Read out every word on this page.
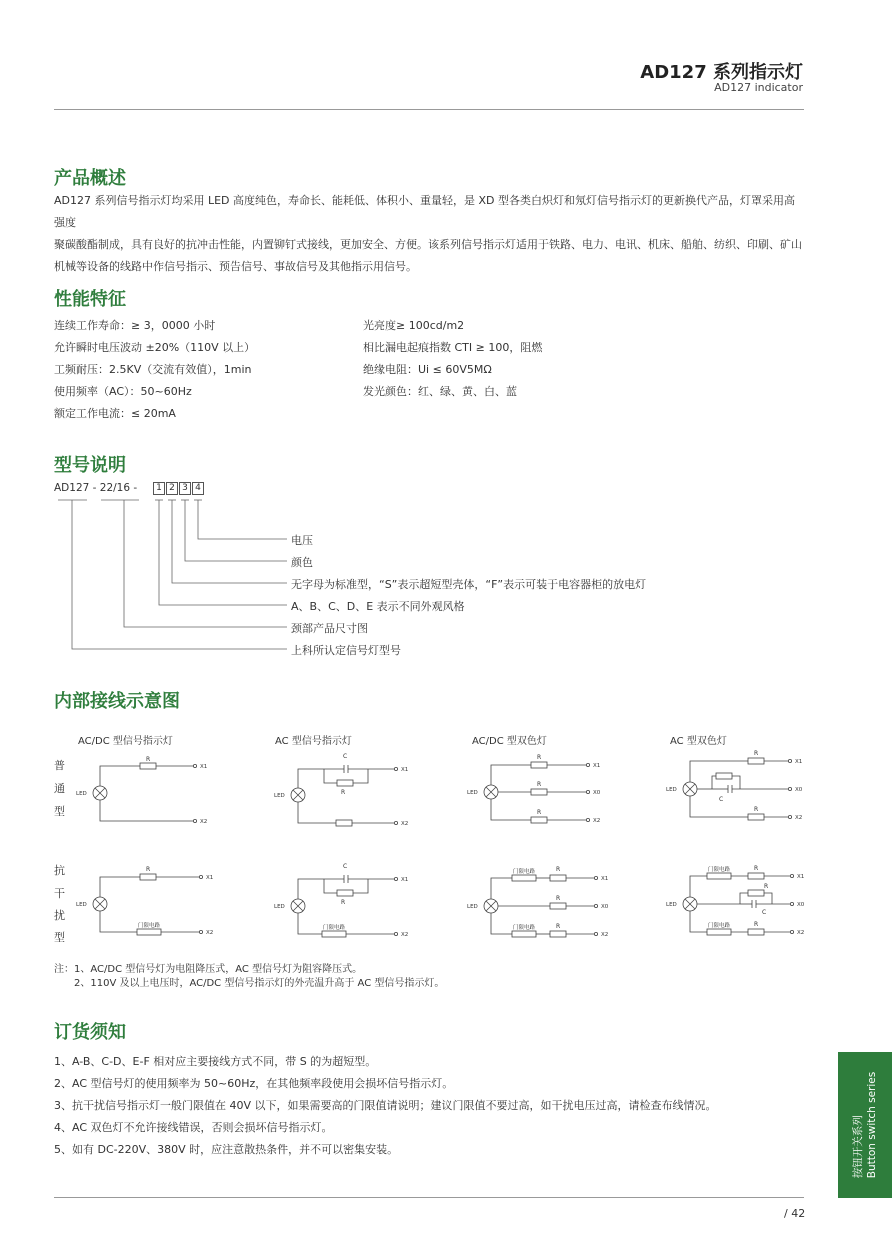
AD127 系列指示灯
AD127 indicator
产品概述
AD127 系列信号指示灯均采用 LED 高度纯色，寿命长、能耗低、体积小、重量轻，是 XD 型各类白炽灯和氖灯信号指示灯的更新换代产品，灯罩采用高强度
聚碳酸酯制成，具有良好的抗冲击性能，内置铆钉式接线，更加安全、方便。该系列信号指示灯适用于铁路、电力、电讯、机床、船舶、纺织、印刷、矿山
机械等设备的线路中作信号指示、预告信号、事故信号及其他指示用信号。
性能特征
连续工作寿命：≥ 3，0000 小时
允许瞬时电压波动 ±20%（110V 以上）
工频耐压：2.5KV（交流有效值），1min
使用频率（AC）：50~60Hz
额定工作电流：≤ 20mA
光亮度≥ 100cd/m2
相比漏电起痕指数 CTI ≥ 100，阻燃
绝缘电阻：Ui ≤ 60V5MΩ
发光颜色：红、绿、黄、白、蓝
型号说明
AD127 - 22/16 -	1 2 3 4
电压
颜色
无字母为标准型，“S”表示超短型壳体，“F”表示可装于电容器柜的放电灯
A、B、C、D、E 表示不同外观风格
颈部产品尺寸图
上科所认定信号灯型号
内部接线示意图
AC/DC 型信号指示灯	AC 型信号指示灯	AC/DC 型双色灯	AC 型双色灯
普
通
型
抗
干
扰
型
LED
R
X1
X2
LED
C
R
X1
X2
LED
R
X1
R
X0
R
X2
LED
R
X1
C
X0
R
X2
LED
R
X1
门限电路
X2
LED
C
R
X1
门限电路
X2
LED
门限电路	R
X1
R
X0
门限电路	R
X2
LED
门限电路	R
X1
R
C
X0
门限电路	R
X2
注：1、AC/DC 型信号灯为电阻降压式，AC 型信号灯为阻容降压式。
2、110V 及以上电压时，AC/DC 型信号指示灯的外壳温升高于 AC 型信号指示灯。
订货须知
1、A-B、C-D、E-F 相对应主要接线方式不同，带 S 的为超短型。
2、AC 型信号灯的使用频率为 50~60Hz，在其他频率段使用会损坏信号指示灯。
3、抗干扰信号指示灯一般门限值在 40V 以下，如果需要高的门限值请说明；建议门限值不要过高，如干扰电压过高，请检查布线情况。
4、AC 双色灯不允许接线错误，否则会损坏信号指示灯。
5、如有 DC-220V、380V 时，应注意散热条件，并不可以密集安装。
/ 42
按钮开关系列 Button switch series
